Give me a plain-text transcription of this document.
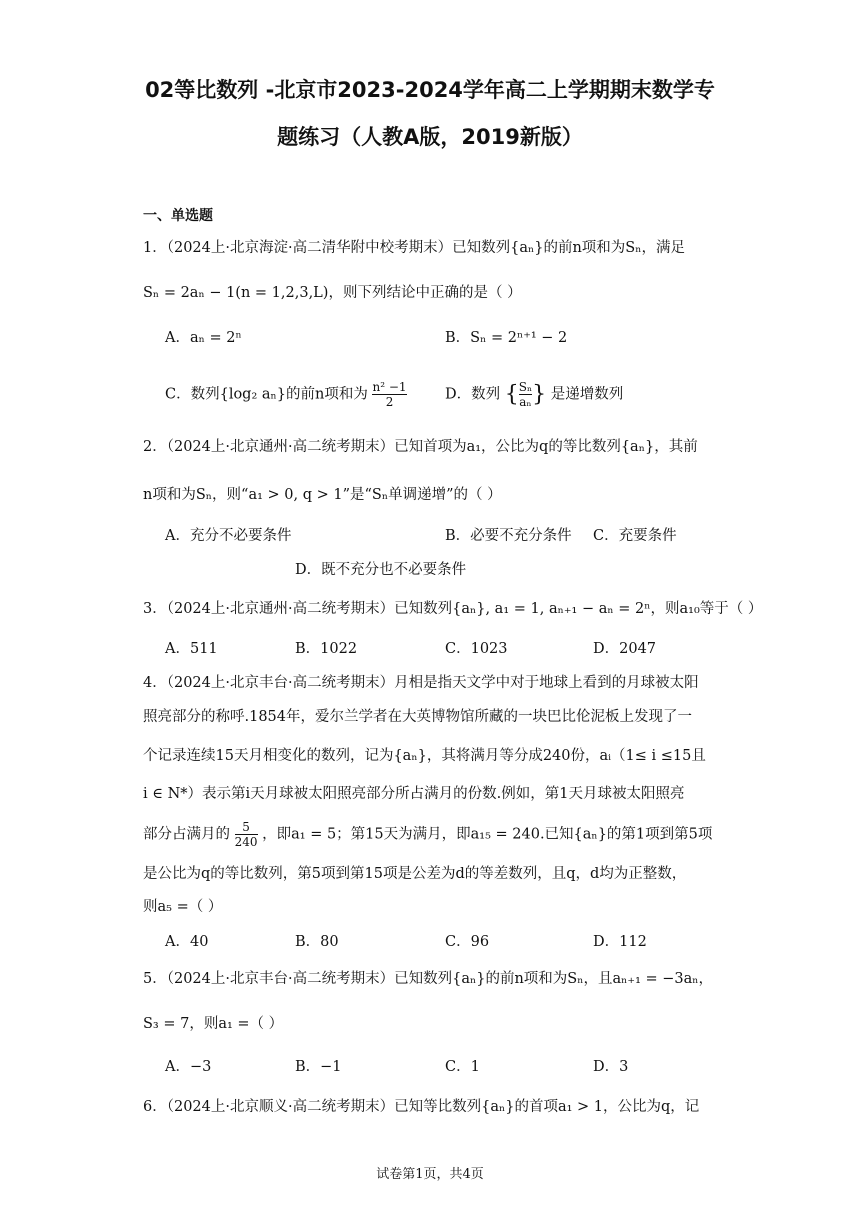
02等比数列 -北京市2023-2024学年高二上学期期末数学专
题练习（人教A版，2019新版）
一、单选题
1．（2024上·北京海淀·高二清华附中校考期末）已知数列{aₙ}的前n项和为Sₙ，满足
Sₙ = 2aₙ − 1(n = 1,2,3,L)，则下列结论中正确的是（ ）
A．aₙ = 2ⁿ	B．Sₙ = 2ⁿ⁺¹ − 2
C．数列{log₂ aₙ}的前n项和为 $\frac{\text{n² −1}}{2}$	D．数列 { $\frac{\text{Sₙ}}{\text{aₙ}}$ } 是递增数列
2．（2024上·北京通州·高二统考期末）已知首项为a₁，公比为q的等比数列{aₙ}，其前
n项和为Sₙ，则“a₁ > 0, q > 1”是“Sₙ单调递增”的（ ）
A．充分不必要条件	B．必要不充分条件 C．充要条件
D．既不充分也不必要条件
3．（2024上·北京通州·高二统考期末）已知数列{aₙ}, a₁ = 1, aₙ₊₁ − aₙ = 2ⁿ，则a₁₀等于（ ）
A．511	B．1022	C．1023	D．2047
4．（2024上·北京丰台·高二统考期末）月相是指天文学中对于地球上看到的月球被太阳
照亮部分的称呼.1854年，爱尔兰学者在大英博物馆所藏的一块巴比伦泥板上发现了一
个记录连续15天月相变化的数列，记为{aₙ}，其将满月等分成240份，aᵢ（1≤ i ≤15且
i ∈ N*）表示第i天月球被太阳照亮部分所占满月的份数.例如，第1天月球被太阳照亮
部分占满月的 $\frac{5}{240}$ ，即a₁ = 5；第15天为满月，即a₁₅ = 240.已知{aₙ}的第1项到第5项
是公比为q的等比数列，第5项到第15项是公差为d的等差数列，且q，d均为正整数，
则a₅ =（ ）
A．40	B．80	C．96	D．112
5．（2024上·北京丰台·高二统考期末）已知数列{aₙ}的前n项和为Sₙ，且aₙ₊₁ = −3aₙ，
S₃ = 7，则a₁ =（ ）
A．−3	B．−1	C．1	D．3
6．（2024上·北京顺义·高二统考期末）已知等比数列{aₙ}的首项a₁ > 1，公比为q，记
试卷第1页，共4页
